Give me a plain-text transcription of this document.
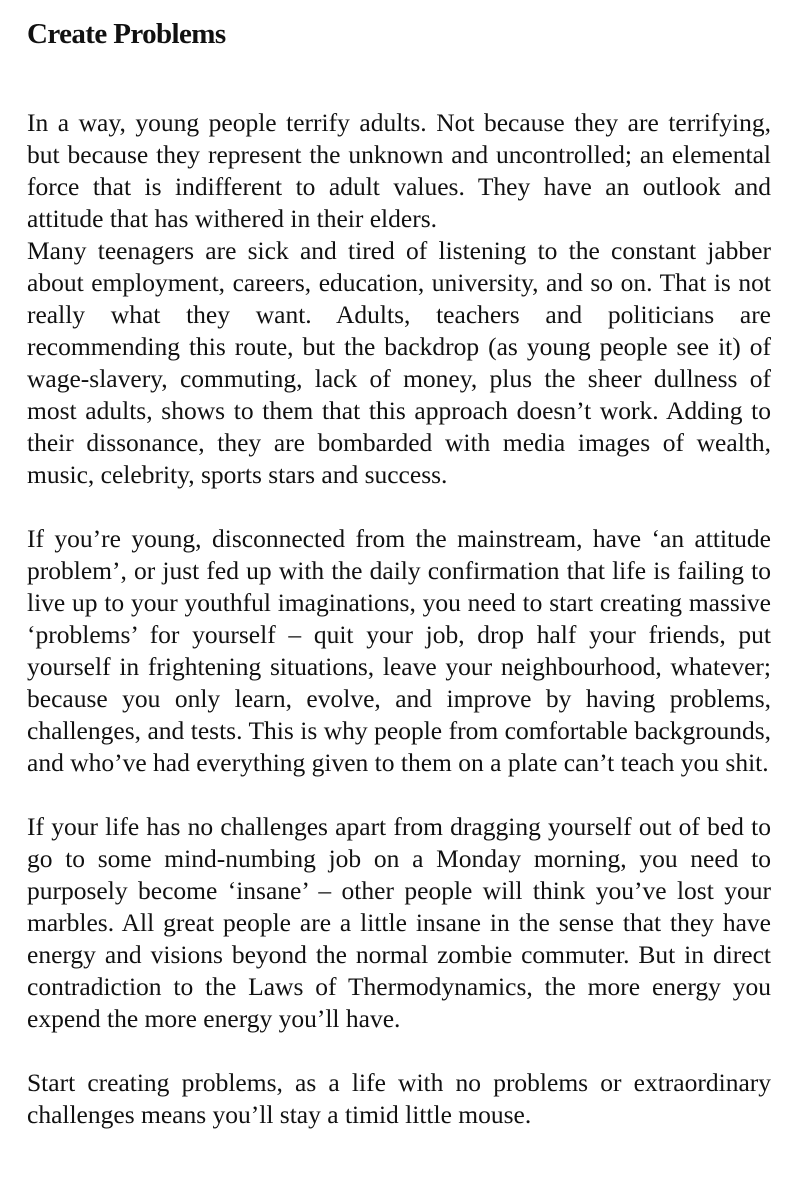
Create Problems

In a way, young people terrify adults. Not because they are terrifying, but because they represent the unknown and uncontrolled; an elemental force that is indifferent to adult values. They have an outlook and attitude that has withered in their elders.

Many teenagers are sick and tired of listening to the constant jabber about employment, careers, education, university, and so on. That is not really what they want. Adults, teachers and politicians are recommending this route, but the backdrop (as young people see it) of wage-slavery, commuting, lack of money, plus the sheer dullness of most adults, shows to them that this approach doesn’t work. Adding to their dissonance, they are bombarded with media images of wealth, music, celebrity, sports stars and success.

If you’re young, disconnected from the mainstream, have ‘an attitude problem’, or just fed up with the daily confirmation that life is failing to live up to your youthful imaginations, you need to start creating massive ‘problems’ for yourself – quit your job, drop half your friends, put yourself in frightening situations, leave your neighbourhood, whatever; because you only learn, evolve, and improve by having problems, challenges, and tests. This is why people from comfortable backgrounds, and who’ve had everything given to them on a plate can’t teach you shit.

If your life has no challenges apart from dragging yourself out of bed to go to some mind-numbing job on a Monday morning, you need to purposely become ‘insane’ – other people will think you’ve lost your marbles. All great people are a little insane in the sense that they have energy and visions beyond the normal zombie commuter. But in direct contradiction to the Laws of Thermodynamics, the more energy you expend the more energy you’ll have.

Start creating problems, as a life with no problems or extraordinary challenges means you’ll stay a timid little mouse.
